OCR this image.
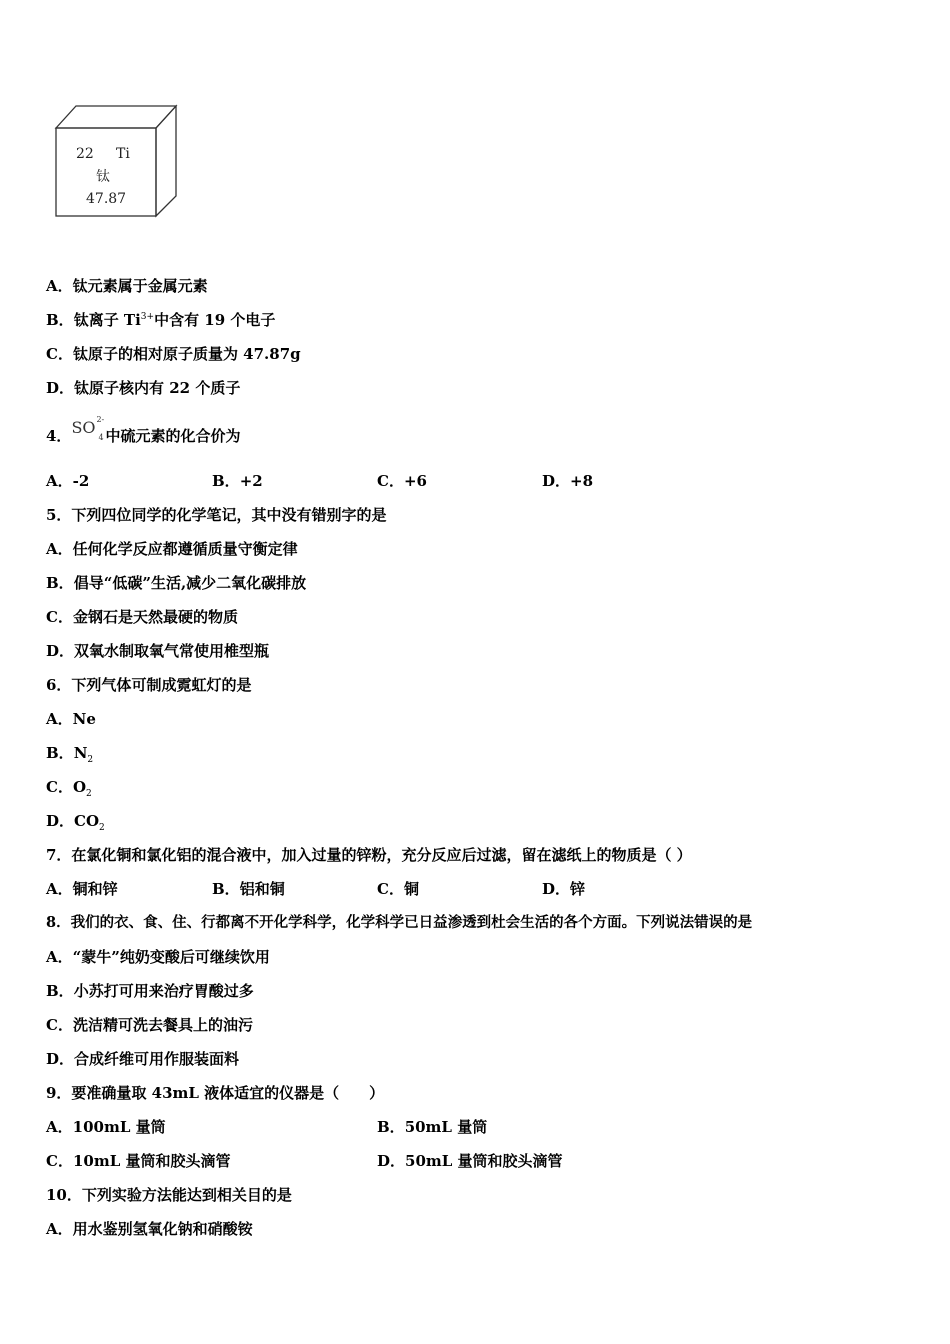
22 Ti
钛
47.87
A．钛元素属于金属元素
B．钛离子 $Ti^{3+}$中含有 19 个电子
C．钛原子的相对原子质量为 47.87g
D．钛原子核内有 22 个质子
4．SO 2-
4 中硫元素的化合价为
A．-2	B．+2	C．+6	D．+8
5．下列四位同学的化学笔记，其中没有错别字的是
A．任何化学反应都遵循质量守衡定律
B．倡导“低碳”生活,减少二氧化碳排放
C．金钢石是天然最硬的物质
D．双氧水制取氧气常使用椎型瓶
6．下列气体可制成霓虹灯的是
A．Ne
B．$N_2$
C．$O_2$
D．$CO_2$
7．在氯化铜和氯化铝的混合液中，加入过量的锌粉，充分反应后过滤，留在滤纸上的物质是（ ）
A．铜和锌	B．铝和铜	C．铜	D．锌
8．我们的衣、食、住、行都离不开化学科学，化学科学已日益渗透到杜会生活的各个方面。下列说法错误的是
A．“蒙牛”纯奶变酸后可继续饮用
B．小苏打可用来治疗胃酸过多
C．洗洁精可洗去餐具上的油污
D．合成纤维可用作服装面料
9．要准确量取 43mL 液体适宜的仪器是（　　）
A．100mL 量筒	B．50mL 量筒
C．10mL 量筒和胶头滴管	D．50mL 量筒和胶头滴管
10．下列实验方法能达到相关目的是
A．用水鉴别氢氧化钠和硝酸铵
